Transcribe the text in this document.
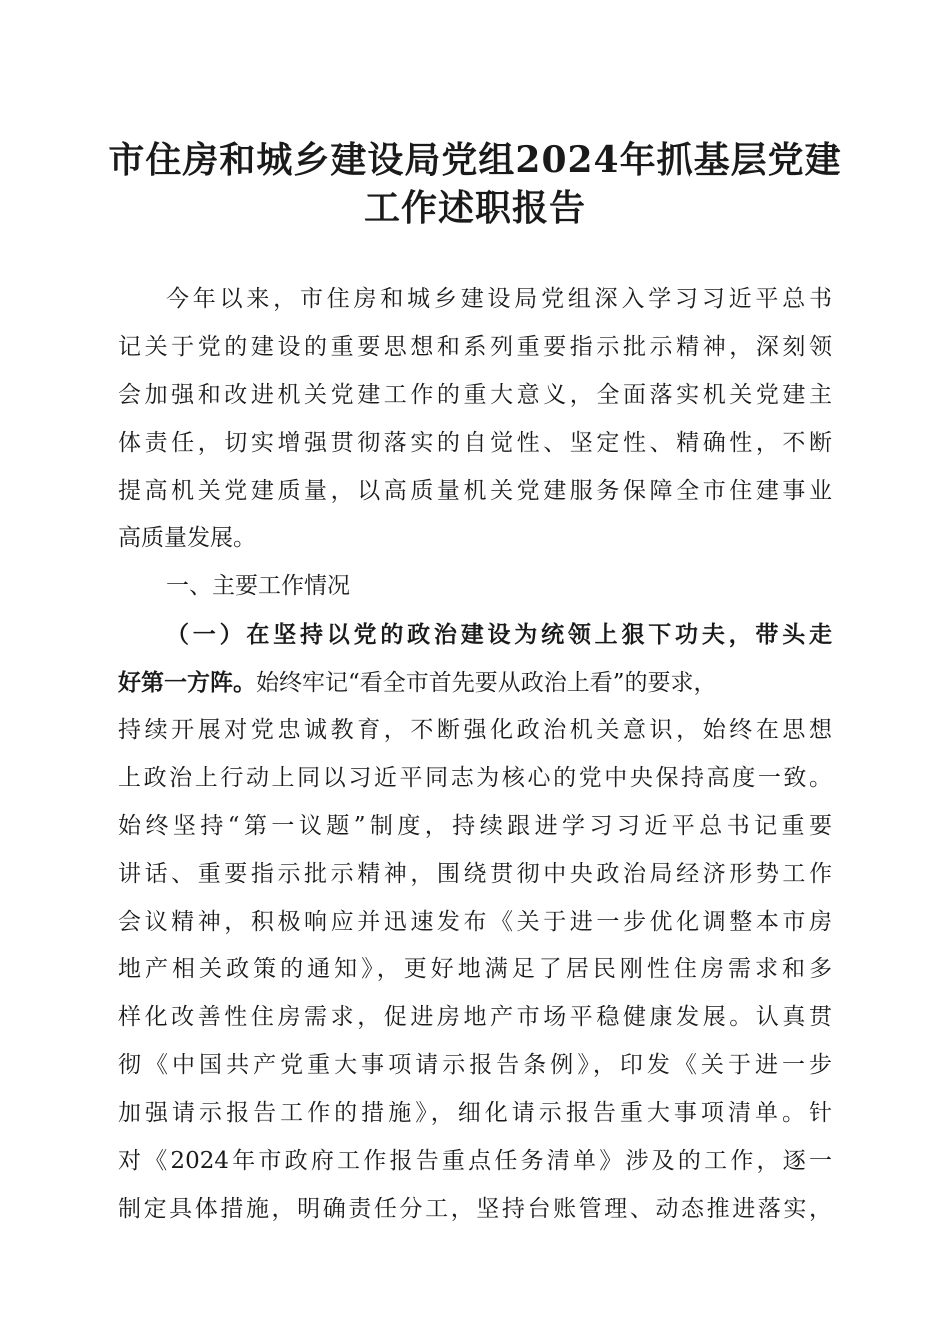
市住房和城乡建设局党组2024年抓基层党建
工作述职报告
今年以来，市住房和城乡建设局党组深入学习习近平总书
记关于党的建设的重要思想和系列重要指示批示精神，深刻领
会加强和改进机关党建工作的重大意义，全面落实机关党建主
体责任，切实增强贯彻落实的自觉性、坚定性、精确性，不断
提高机关党建质量，以高质量机关党建服务保障全市住建事业
高质量发展。
一、主要工作情况
（一）在坚持以党的政治建设为统领上狠下功夫，带头走
好第一方阵。始终牢记“看全市首先要从政治上看”的要求，
持续开展对党忠诚教育，不断强化政治机关意识，始终在思想
上政治上行动上同以习近平同志为核心的党中央保持高度一致。
始终坚持“第一议题”制度，持续跟进学习习近平总书记重要
讲话、重要指示批示精神，围绕贯彻中央政治局经济形势工作
会议精神，积极响应并迅速发布《关于进一步优化调整本市房
地产相关政策的通知》，更好地满足了居民刚性住房需求和多
样化改善性住房需求，促进房地产市场平稳健康发展。认真贯
彻《中国共产党重大事项请示报告条例》，印发《关于进一步
加强请示报告工作的措施》，细化请示报告重大事项清单。针
对《2024年市政府工作报告重点任务清单》涉及的工作，逐一
制定具体措施，明确责任分工，坚持台账管理、动态推进落实，
